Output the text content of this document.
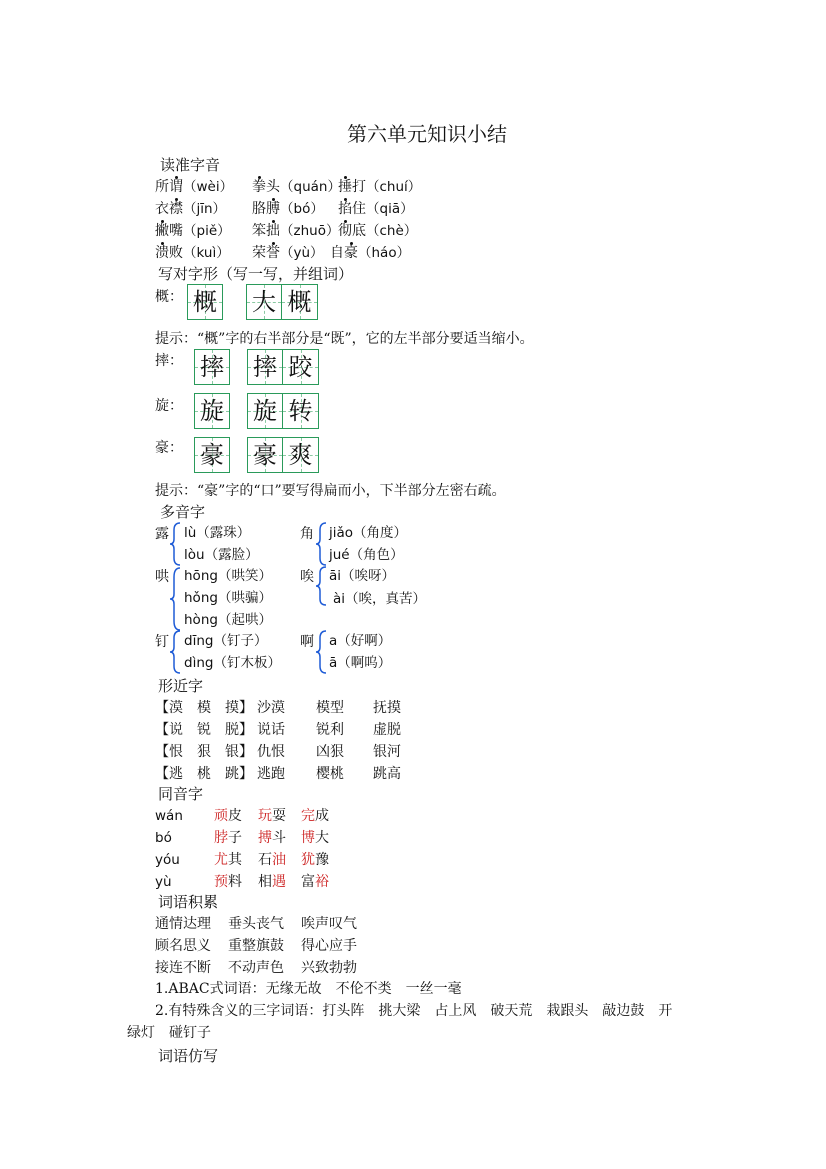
第六单元知识小结
读准字音
所谓（wèi） 拳头（quán）
捶打（chuí）
衣襟（jīn） 胳膊（bó） 掐住（qiā）
撇嘴（piě） 笨拙（zhuō）
彻底（chè）
溃败（kuì） 荣誉（yù） 自豪（háo）
写对字形（写一写，并组词）
概： 概 大 概
提示：“概”字的右半部分是“既”，它的左半部分要适当缩小。
摔： 摔 摔 跤
旋： 旋 旋 转
豪： 豪 豪 爽
提示：“豪”字的“口”要写得扁而小，下半部分左密右疏。
多音字
露 lù（露珠）
lòu（露脸）
角 jiǎo（角度）
jué（角色）
哄 hōng（哄笑）
hǒng（哄骗）
hòng（起哄）
唉 āi（唉呀）
ài（唉，真苦）
钉 dīng（钉子）
dìng（钉木板）
啊 a（好啊）
ā（啊呜）
形近字
【漠　模　摸】 沙漠 模型 抚摸
【说　锐　脱】 说话 锐利 虚脱
【恨　狠　银】 仇恨 凶狠 银河
【逃　桃　跳】 逃跑 樱桃 跳高
同音字
wán 顽皮 玩耍 完成
bó	脖子 搏斗 博大
yóu 尤其 石油 犹豫
yù	预料 相遇 富裕
词语积累
通情达理 垂头丧气 唉声叹气
顾名思义 重整旗鼓 得心应手
接连不断 不动声色 兴致勃勃
1.ABAC式词语：无缘无故　不伦不类　一丝一毫
2.有特殊含义的三字词语：打头阵　挑大梁　占上风　破天荒　栽跟头　敲边鼓　开
绿灯　碰钉子
词语仿写
